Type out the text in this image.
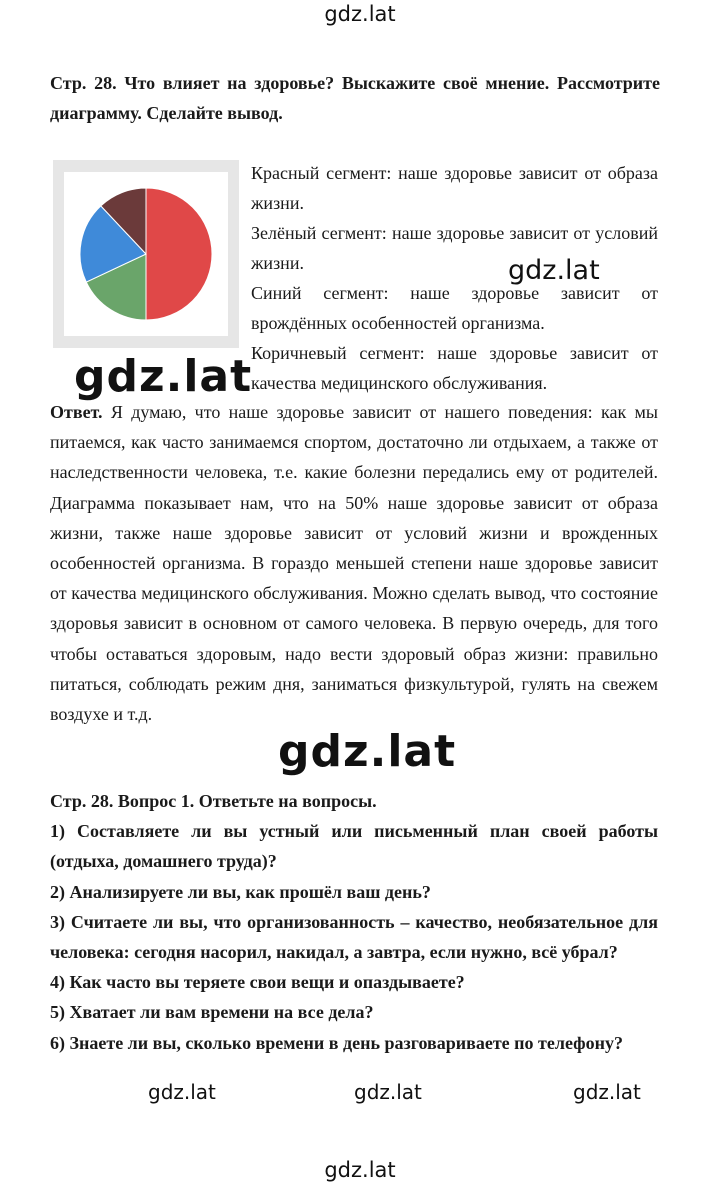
gdz.lat
Стр. 28. Что влияет на здоровье? Выскажите своё мнение. Рассмотрите диаграмму. Сделайте вывод.

Красный сегмент: наше здоровье зависит от образа жизни.

Зелёный сегмент: наше здоровье зависит от условий жизни.

Синий сегмент: наше здоровье зависит от врождённых особенностей организма.

Коричневый сегмент: наше здоровье зависит от качества медицинского обслуживания.

gdz.lat
gdz.lat

Ответ. Я думаю, что наше здоровье зависит от нашего поведения: как мы питаемся, как часто занимаемся спортом, достаточно ли отдыхаем, а также от наследственности человека, т.е. какие болезни передались ему от родителей. Диаграмма показывает нам, что на 50% наше здоровье зависит от образа жизни, также наше здоровье зависит от условий жизни и врожденных особенностей организма. В гораздо меньшей степени наше здоровье зависит от качества медицинского обслуживания. Можно сделать вывод, что состояние здоровья зависит в основном от самого человека. В первую очередь, для того чтобы оставаться здоровым, надо вести здоровый образ жизни: правильно питаться, соблюдать режим дня, заниматься физкультурой, гулять на свежем воздухе и т.д.

gdz.lat

Стр. 28. Вопрос 1. Ответьте на вопросы.

1) Составляете ли вы устный или письменный план своей работы (отдыха, домашнего труда)?

2) Анализируете ли вы, как прошёл ваш день?

3) Считаете ли вы, что организованность – качество, необязательное для человека: сегодня насорил, накидал, а завтра, если нужно, всё убрал?

4) Как часто вы теряете свои вещи и опаздываете?

5) Хватает ли вам времени на все дела?

6) Знаете ли вы, сколько времени в день разговариваете по телефону?

gdz.lat	gdz.lat	gdz.lat
gdz.lat
